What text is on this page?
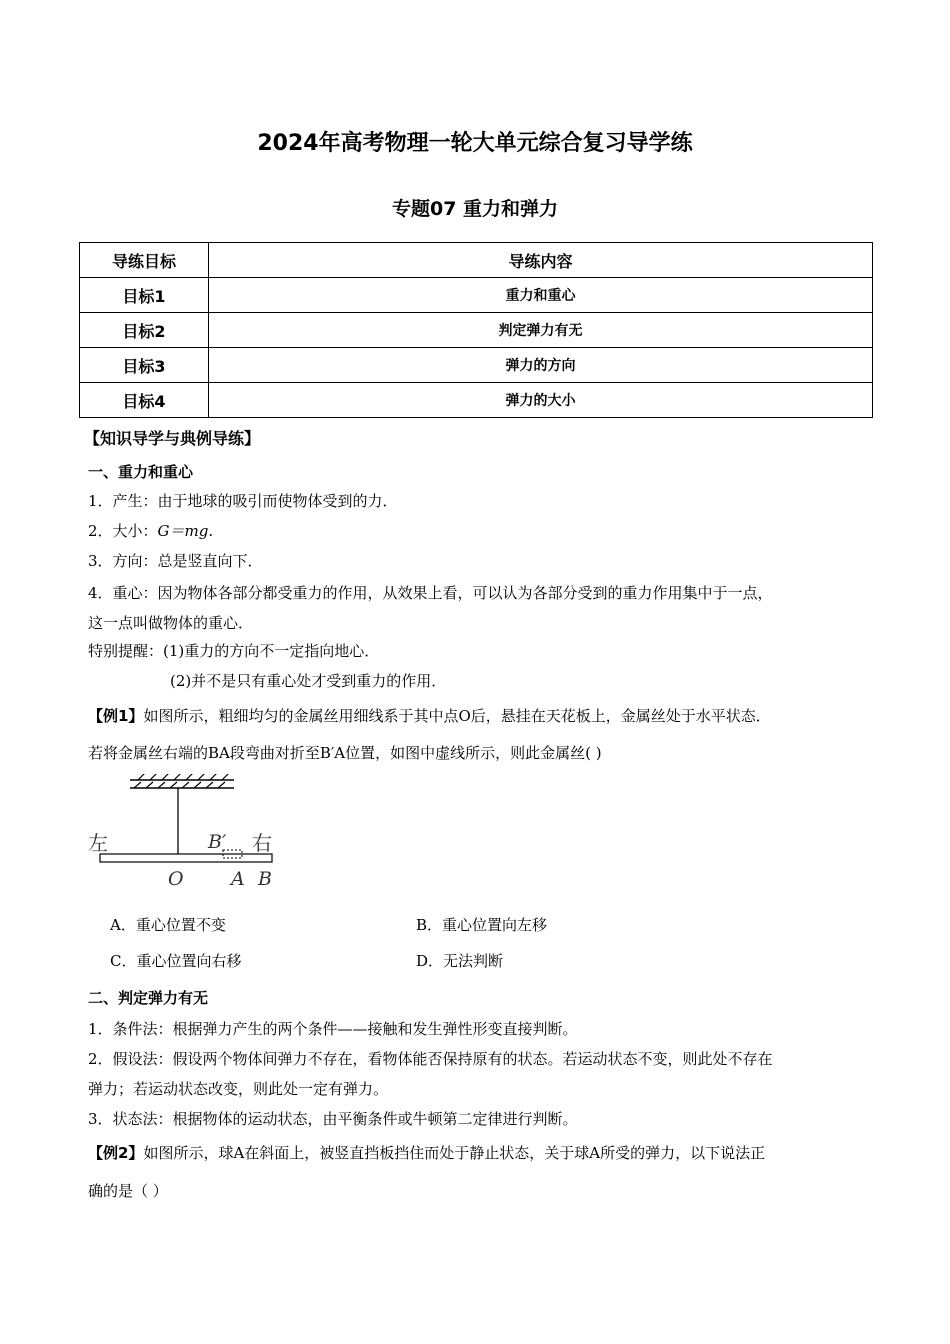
2024年高考物理一轮大单元综合复习导学练
专题07 重力和弹力
导练目标	导练内容
目标1	重力和重心
目标2	判定弹力有无
目标3	弹力的方向
目标4	弹力的大小
【知识导学与典例导练】
一、重力和重心
1．产生：由于地球的吸引而使物体受到的力．
2．大小：G＝mg.
3．方向：总是竖直向下．
4．重心：因为物体各部分都受重力的作用，从效果上看，可以认为各部分受到的重力作用集中于一点，
这一点叫做物体的重心．
特别提醒：(1)重力的方向不一定指向地心．
(2)并不是只有重心处才受到重力的作用．
【例1】如图所示，粗细均匀的金属丝用细线系于其中点O后，悬挂在天花板上，金属丝处于水平状态．
若将金属丝右端的BA段弯曲对折至B′A位置，如图中虚线所示，则此金属丝( )
左	右
B′
O A B
A．重心位置不变	B．重心位置向左移
C．重心位置向右移	D．无法判断
二、判定弹力有无
1．条件法：根据弹力产生的两个条件——接触和发生弹性形变直接判断。
2．假设法：假设两个物体间弹力不存在，看物体能否保持原有的状态。若运动状态不变，则此处不存在
弹力；若运动状态改变，则此处一定有弹力。
3．状态法：根据物体的运动状态，由平衡条件或牛顿第二定律进行判断。
【例2】如图所示，球A在斜面上，被竖直挡板挡住而处于静止状态，关于球A所受的弹力，以下说法正
确的是（ ）
